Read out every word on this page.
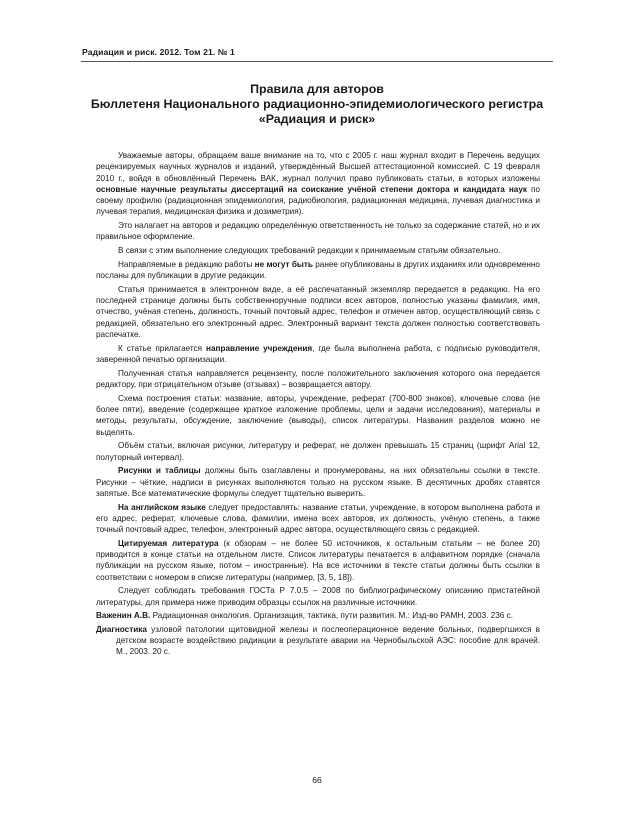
Радиация и риск. 2012. Том 21. № 1
Правила для авторов
Бюллетеня Национального радиационно-эпидемиологического регистра
«Радиация и риск»

Уважаемые авторы, обращаем ваше внимание на то, что с 2005 г. наш журнал входит в Перечень ведущих рецензируемых научных журналов и изданий, утверждённый Высшей аттестационной комиссией. С 19 февраля 2010 г., войдя в обновлённый Перечень ВАК, журнал получил право публиковать статьи, в которых изложены основные научные результаты диссертаций на соискание учёной степени доктора и кандидата наук по своему профилю (радиационная эпидемиология, радиобиология, радиационная медицина, лучевая диагностика и лучевая терапия, медицинская физика и дозиметрия).

Это налагает на авторов и редакцию определённую ответственность не только за содержание статей, но и их правильное оформление.

В связи с этим выполнение следующих требований редакции к принимаемым статьям обязательно.

Направляемые в редакцию работы не могут быть ранее опубликованы в других изданиях или одновременно посланы для публикации в другие редакции.

Статья принимается в электронном виде, а её распечатанный экземпляр передается в редакцию. На его последней странице должны быть собственноручные подписи всех авторов, полностью указаны фамилия, имя, отчество, учёная степень, должность, точный почтовый адрес, телефон и отмечен автор, осуществляющий связь с редакцией, обязательно его электронный адрес. Электронный вариант текста должен полностью соответствовать распечатке.

К статье прилагается направление учреждения, где была выполнена работа, с подписью руководителя, заверенной печатью организации.

Полученная статья направляется рецензенту, после положительного заключения которого она передается редактору, при отрицательном отзыве (отзывах) – возвращается автору.

Схема построения статьи: название, авторы, учреждение, реферат (700-800 знаков), ключевые слова (не более пяти), введение (содержащее краткое изложение проблемы, цели и задачи исследования), материалы и методы, результаты, обсуждение, заключение (выводы), список литературы. Названия разделов можно не выделять.

Объём статьи, включая рисунки, литературу и реферат, не должен превышать 15 страниц (шрифт Arial 12, полуторный интервал).

Рисунки и таблицы должны быть озаглавлены и пронумерованы, на них обязательны ссылки в тексте. Рисунки – чёткие, надписи в рисунках выполняются только на русском языке. В десятичных дробях ставятся запятые. Все математические формулы следует тщательно выверить.

На английском языке следует предоставлять: название статьи, учреждение, в котором выполнена работа и его адрес, реферат, ключевые слова, фамилии, имена всех авторов, их должность, учёную степень, а также точный почтовый адрес, телефон, электронный адрес автора, осуществляющего связь с редакцией.

Цитируемая литература (к обзорам – не более 50 источников, к остальным статьям – не более 20) приводится в конце статьи на отдельном листе. Список литературы печатается в алфавитном порядке (сначала публикации на русском языке, потом – иностранные). На все источники в тексте статьи должны быть ссылки в соответствии с номером в списке литературы (например, [3, 5, 18]).

Следует соблюдать требования ГОСТа Р 7.0.5 – 2008 по библиографическому описанию пристатейной литературы, для примера ниже приводим образцы ссылок на различные источники.

Важенин А.В. Радиационная онкология. Организация, тактика, пути развития. М.: Изд-во РАМН, 2003. 236 с.

Диагностика узловой патологии щитовидной железы и послеоперационное ведение больных, подвергшихся в детском возрасте воздействию радиации в результате аварии на Чернобыльской АЭС: пособие для врачей. М., 2003. 20 с.

66
